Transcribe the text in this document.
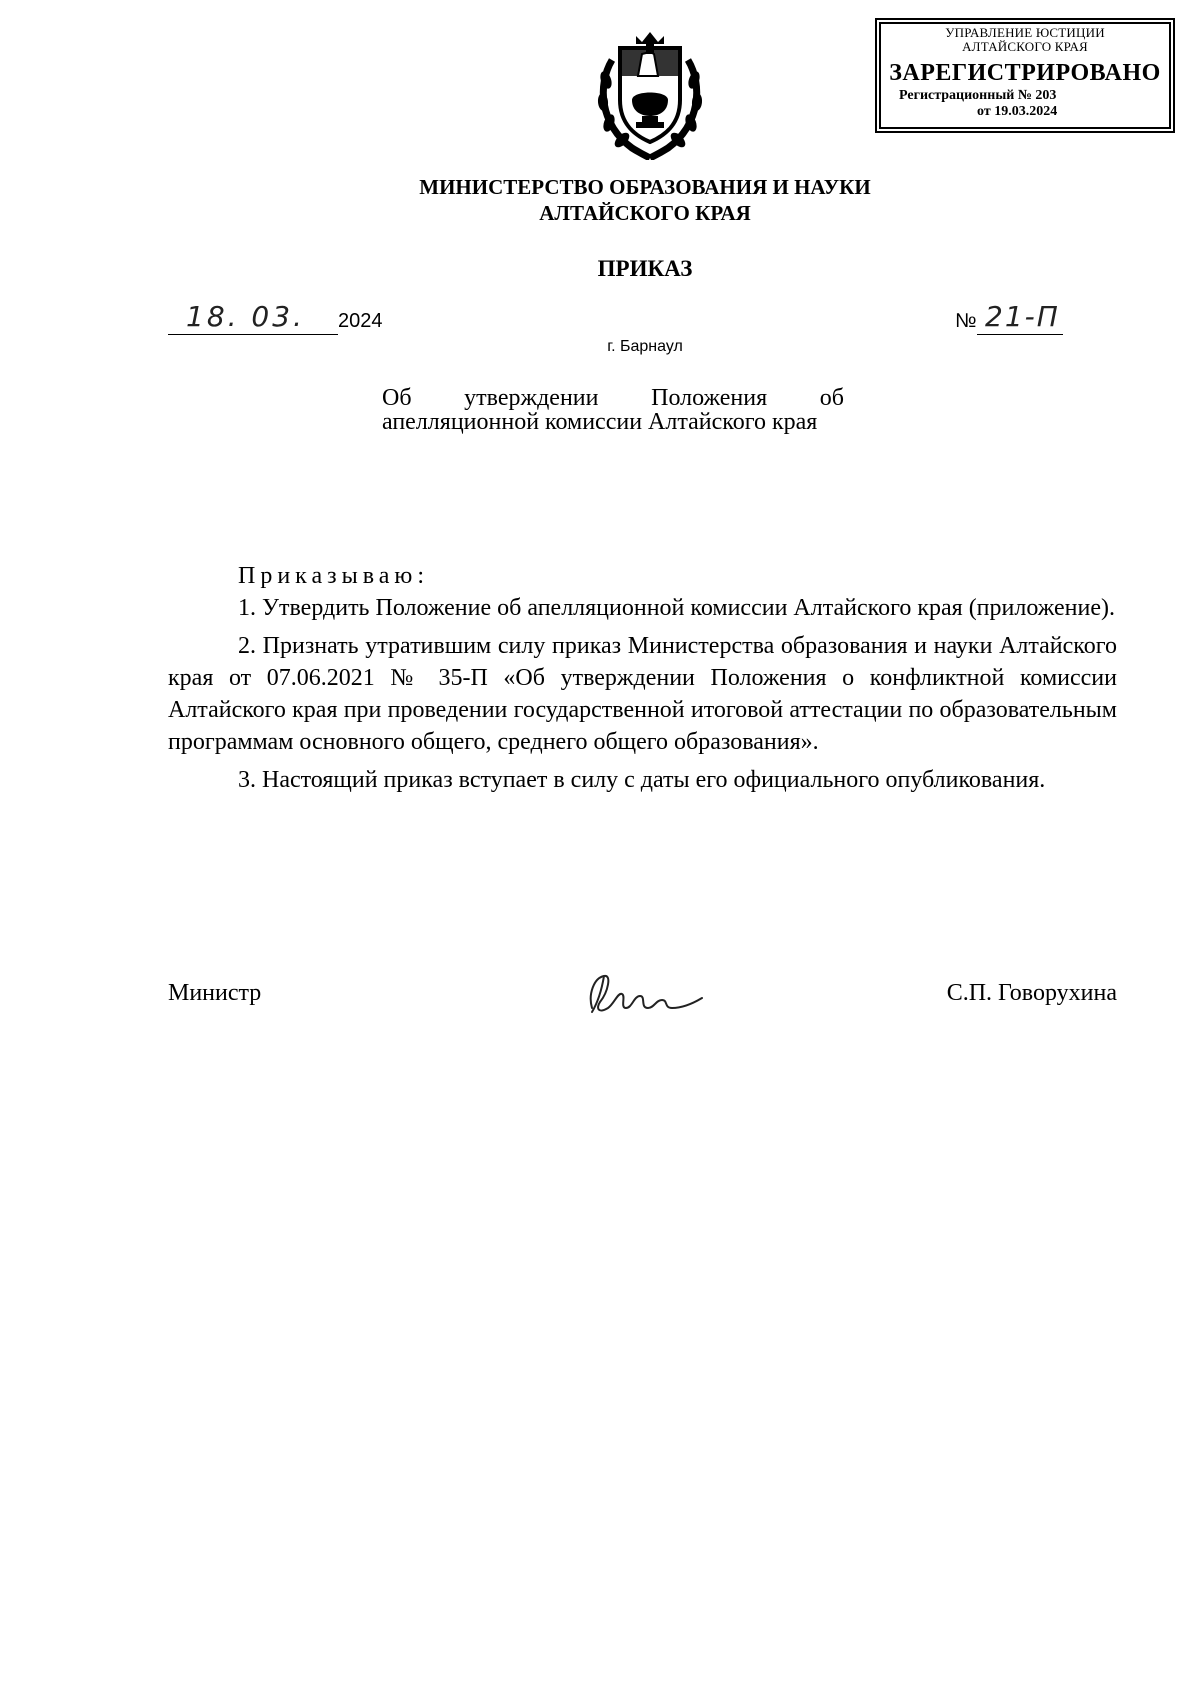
УПРАВЛЕНИЕ ЮСТИЦИИ
АЛТАЙСКОГО КРАЯ
ЗАРЕГИСТРИРОВАНО
Регистрационный № 203
от 19.03.2024
МИНИСТЕРСТВО ОБРАЗОВАНИЯ И НАУКИ АЛТАЙСКОГО КРАЯ
ПРИКАЗ
18. 03.	2024	№ 21-П
г. Барнаул
Об утверждении Положения об апелляционной комиссии Алтайского края
Приказываю:

1. Утвердить Положение об апелляционной комиссии Алтайского края (приложение).

2. Признать утратившим силу приказ Министерства образования и науки Алтайского края от 07.06.2021 № 35-П «Об утверждении Положения о конфликтной комиссии Алтайского края при проведении государственной итоговой аттестации по образовательным программам основного общего, среднего общего образования».

3. Настоящий приказ вступает в силу с даты его официального опубликования.

Министр	С.П. Говорухина
